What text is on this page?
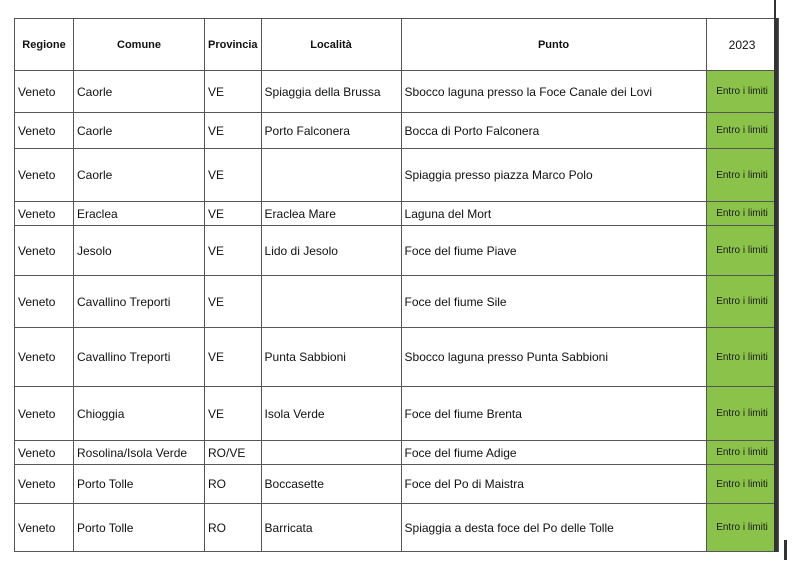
Regione	Comune	Provincia	Località	Punto	2023
Veneto	Caorle	VE	Spiaggia della Brussa	Sbocco laguna presso la Foce Canale dei Lovi	Entro i limiti
Veneto	Caorle	VE	Porto Falconera	Bocca di Porto Falconera	Entro i limiti
Veneto	Caorle	VE		Spiaggia presso piazza Marco Polo	Entro i limiti
Veneto	Eraclea	VE	Eraclea Mare	Laguna del Mort	Entro i limiti
Veneto	Jesolo	VE	Lido di Jesolo	Foce del fiume Piave	Entro i limiti
Veneto	Cavallino Treporti	VE		Foce del fiume Sile	Entro i limiti
Veneto	Cavallino Treporti	VE	Punta Sabbioni	Sbocco laguna presso Punta Sabbioni	Entro i limiti
Veneto	Chioggia	VE	Isola Verde	Foce del fiume Brenta	Entro i limiti
Veneto	Rosolina/Isola Verde	RO/VE		Foce del fiume Adige	Entro i limiti
Veneto	Porto Tolle	RO	Boccasette	Foce del Po di Maistra	Entro i limiti
Veneto	Porto Tolle	RO	Barricata	Spiaggia a desta foce del Po delle Tolle	Entro i limiti
